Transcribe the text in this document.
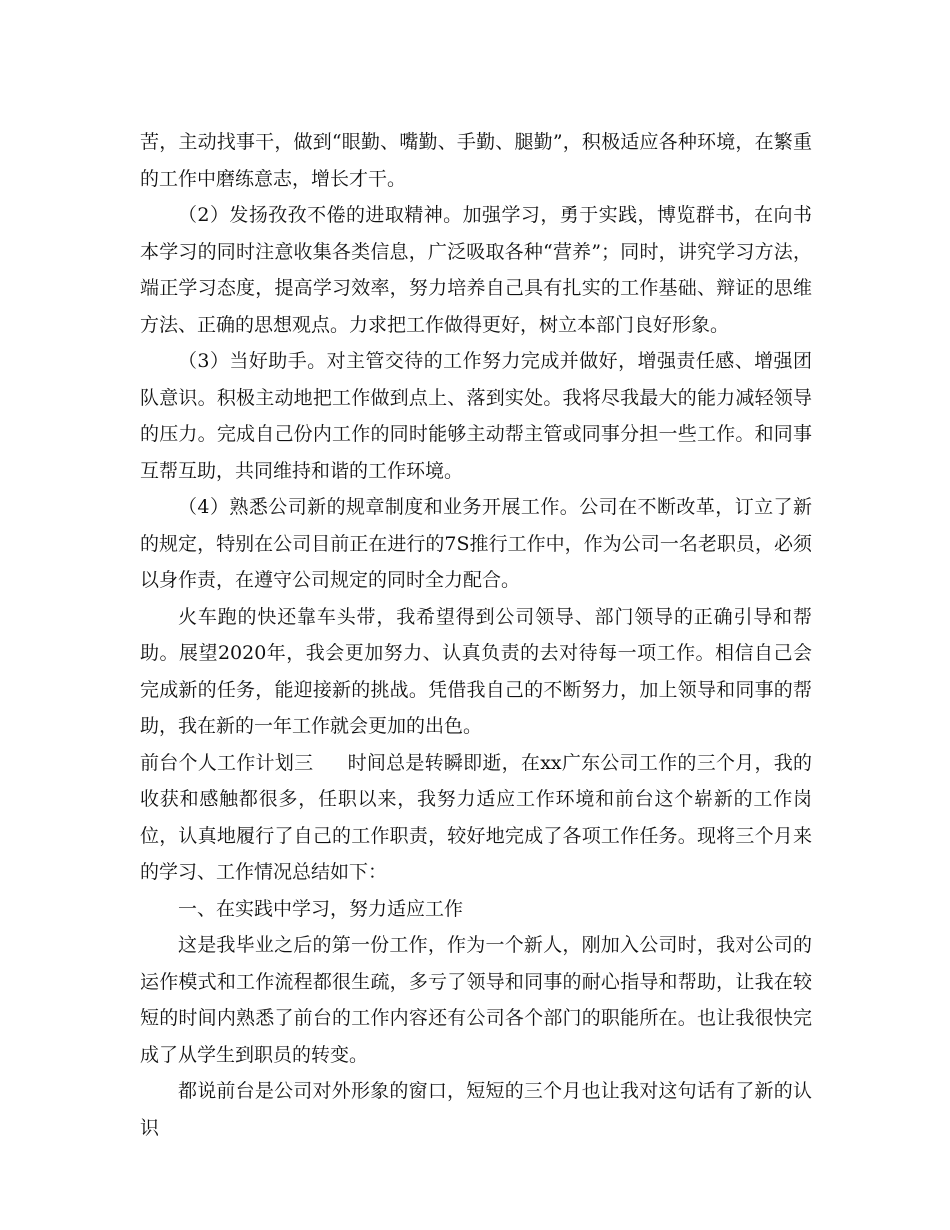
苦，主动找事干，做到“眼勤、嘴勤、手勤、腿勤”，积极适应各种环境，在繁重的工作中磨练意志，增长才干。

（2）发扬孜孜不倦的进取精神。加强学习，勇于实践，博览群书，在向书本学习的同时注意收集各类信息，广泛吸取各种“营养”；同时，讲究学习方法，端正学习态度，提高学习效率，努力培养自己具有扎实的工作基础、辩证的思维方法、正确的思想观点。力求把工作做得更好，树立本部门良好形象。

（3）当好助手。对主管交待的工作努力完成并做好，增强责任感、增强团队意识。积极主动地把工作做到点上、落到实处。我将尽我最大的能力减轻领导的压力。完成自己份内工作的同时能够主动帮主管或同事分担一些工作。和同事互帮互助，共同维持和谐的工作环境。

（4）熟悉公司新的规章制度和业务开展工作。公司在不断改革，订立了新的规定，特别在公司目前正在进行的7S推行工作中，作为公司一名老职员，必须以身作责，在遵守公司规定的同时全力配合。

火车跑的快还靠车头带，我希望得到公司领导、部门领导的正确引导和帮助。展望2020年，我会更加努力、认真负责的去对待每一项工作。相信自己会完成新的任务，能迎接新的挑战。凭借我自己的不断努力，加上领导和同事的帮助，我在新的一年工作就会更加的出色。

前台个人工作计划三 时间总是转瞬即逝，在xx广东公司工作的三个月，我的收获和感触都很多，任职以来，我努力适应工作环境和前台这个崭新的工作岗位，认真地履行了自己的工作职责，较好地完成了各项工作任务。现将三个月来的学习、工作情况总结如下：

一、在实践中学习，努力适应工作

这是我毕业之后的第一份工作，作为一个新人，刚加入公司时，我对公司的运作模式和工作流程都很生疏，多亏了领导和同事的耐心指导和帮助，让我在较短的时间内熟悉了前台的工作内容还有公司各个部门的职能所在。也让我很快完成了从学生到职员的转变。

都说前台是公司对外形象的窗口，短短的三个月也让我对这句话有了新的认识
